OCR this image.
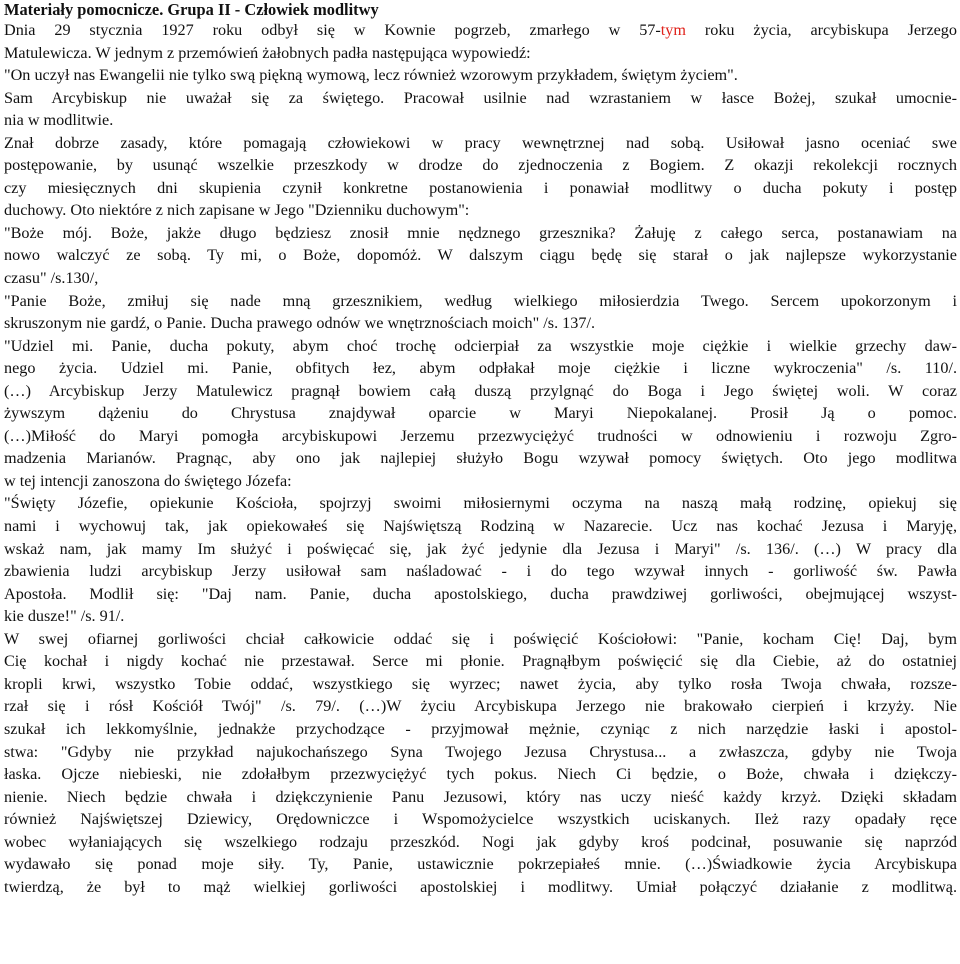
Materiały pomocnicze. Grupa II - Człowiek modlitwy
Dnia 29 stycznia 1927 roku odbył się w Kownie pogrzeb, zmarłego w 57-tym roku życia, arcybiskupa Jerzego
Matulewicza. W jednym z przemówień żałobnych padła następująca wypowiedź:
"On uczył nas Ewangelii nie tylko swą piękną wymową, lecz również wzorowym przykładem, świętym życiem".
Sam Arcybiskup nie uważał się za świętego. Pracował usilnie nad wzrastaniem w łasce Bożej, szukał umocnie-
nia w modlitwie.
Znał dobrze zasady, które pomagają człowiekowi w pracy wewnętrznej nad sobą. Usiłował jasno oceniać swe
postępowanie, by usunąć wszelkie przeszkody w drodze do zjednoczenia z Bogiem. Z okazji rekolekcji rocznych
czy miesięcznych dni skupienia czynił konkretne postanowienia i ponawiał modlitwy o ducha pokuty i postęp
duchowy. Oto niektóre z nich zapisane w Jego "Dzienniku duchowym":
"Boże mój. Boże, jakże długo będziesz znosił mnie nędznego grzesznika? Żałuję z całego serca, postanawiam na
nowo walczyć ze sobą. Ty mi, o Boże, dopomóż. W dalszym ciągu będę się starał o jak najlepsze wykorzystanie
czasu" /s.130/,
"Panie Boże, zmiłuj się nade mną grzesznikiem, według wielkiego miłosierdzia Twego. Sercem upokorzonym i
skruszonym nie gardź, o Panie. Ducha prawego odnów we wnętrznościach moich" /s. 137/.
"Udziel mi. Panie, ducha pokuty, abym choć trochę odcierpiał za wszystkie moje ciężkie i wielkie grzechy daw-
nego życia. Udziel mi. Panie, obfitych łez, abym odpłakał moje ciężkie i liczne wykroczenia" /s. 110/.
(…) Arcybiskup Jerzy Matulewicz pragnął bowiem całą duszą przylgnąć do Boga i Jego świętej woli. W coraz
żywszym dążeniu do Chrystusa znajdywał oparcie w Maryi Niepokalanej. Prosił Ją o pomoc.
(…)Miłość do Maryi pomogła arcybiskupowi Jerzemu przezwyciężyć trudności w odnowieniu i rozwoju Zgro-
madzenia Marianów. Pragnąc, aby ono jak najlepiej służyło Bogu wzywał pomocy świętych. Oto jego modlitwa
w tej intencji zanoszona do świętego Józefa:
"Święty Józefie, opiekunie Kościoła, spojrzyj swoimi miłosiernymi oczyma na naszą małą rodzinę, opiekuj się
nami i wychowuj tak, jak opiekowałeś się Najświętszą Rodziną w Nazarecie. Ucz nas kochać Jezusa i Maryję,
wskaż nam, jak mamy Im służyć i poświęcać się, jak żyć jedynie dla Jezusa i Maryi" /s. 136/. (…) W pracy dla
zbawienia ludzi arcybiskup Jerzy usiłował sam naśladować - i do tego wzywał innych - gorliwość św. Pawła
Apostoła. Modlił się: "Daj nam. Panie, ducha apostolskiego, ducha prawdziwej gorliwości, obejmującej wszyst-
kie dusze!" /s. 91/.
W swej ofiarnej gorliwości chciał całkowicie oddać się i poświęcić Kościołowi: "Panie, kocham Cię! Daj, bym
Cię kochał i nigdy kochać nie przestawał. Serce mi płonie. Pragnąłbym poświęcić się dla Ciebie, aż do ostatniej
kropli krwi, wszystko Tobie oddać, wszystkiego się wyrzec; nawet życia, aby tylko rosła Twoja chwała, rozsze-
rzał się i rósł Kościół Twój" /s. 79/. (…)W życiu Arcybiskupa Jerzego nie brakowało cierpień i krzyży. Nie
szukał ich lekkomyślnie, jednakże przychodzące - przyjmował mężnie, czyniąc z nich narzędzie łaski i apostol-
stwa: "Gdyby nie przykład najukochańszego Syna Twojego Jezusa Chrystusa... a zwłaszcza, gdyby nie Twoja
łaska. Ojcze niebieski, nie zdołałbym przezwyciężyć tych pokus. Niech Ci będzie, o Boże, chwała i dziękczy-
nienie. Niech będzie chwała i dziękczynienie Panu Jezusowi, który nas uczy nieść każdy krzyż. Dzięki składam
również Najświętszej Dziewicy, Orędowniczce i Wspomożycielce wszystkich uciskanych. Ileż razy opadały ręce
wobec wyłaniających się wszelkiego rodzaju przeszkód. Nogi jak gdyby kroś podcinał, posuwanie się naprzód
wydawało się ponad moje siły. Ty, Panie, ustawicznie pokrzepiałeś mnie. (…)Świadkowie życia Arcybiskupa
twierdzą, że był to mąż wielkiej gorliwości apostolskiej i modlitwy. Umiał połączyć działanie z modlitwą.
